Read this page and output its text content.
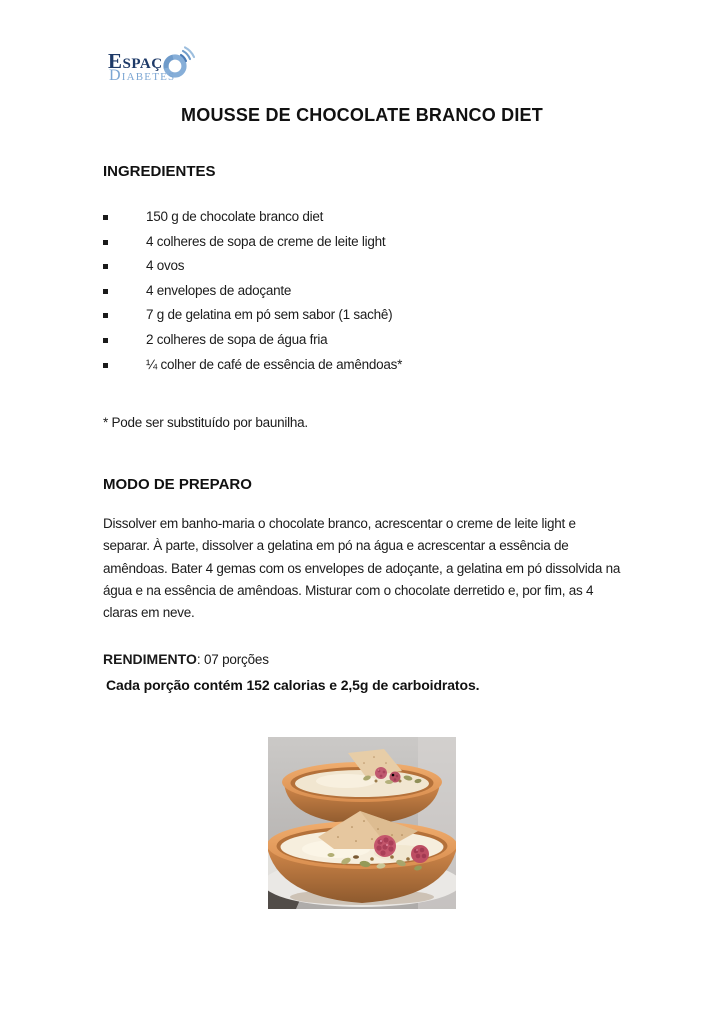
Espaç
Diabetes
MOUSSE DE CHOCOLATE BRANCO DIET
INGREDIENTES
150 g de chocolate branco diet
4 colheres de sopa de creme de leite light
4 ovos
4 envelopes de adoçante
7 g de gelatina em pó sem sabor (1 sachê)
2 colheres de sopa de água fria
¼ colher de café de essência de amêndoas*
* Pode ser substituído por baunilha.
MODO DE PREPARO

Dissolver em banho-maria o chocolate branco, acrescentar o creme de leite light e separar. À parte, dissolver a gelatina em pó na água e acrescentar a essência de amêndoas. Bater 4 gemas com os envelopes de adoçante, a gelatina em pó dissolvida na água e na essência de amêndoas. Misturar com o chocolate derretido e, por fim, as 4 claras em neve.

RENDIMENTO: 07 porções
Cada porção contém 152 calorias e 2,5g de carboidratos.
